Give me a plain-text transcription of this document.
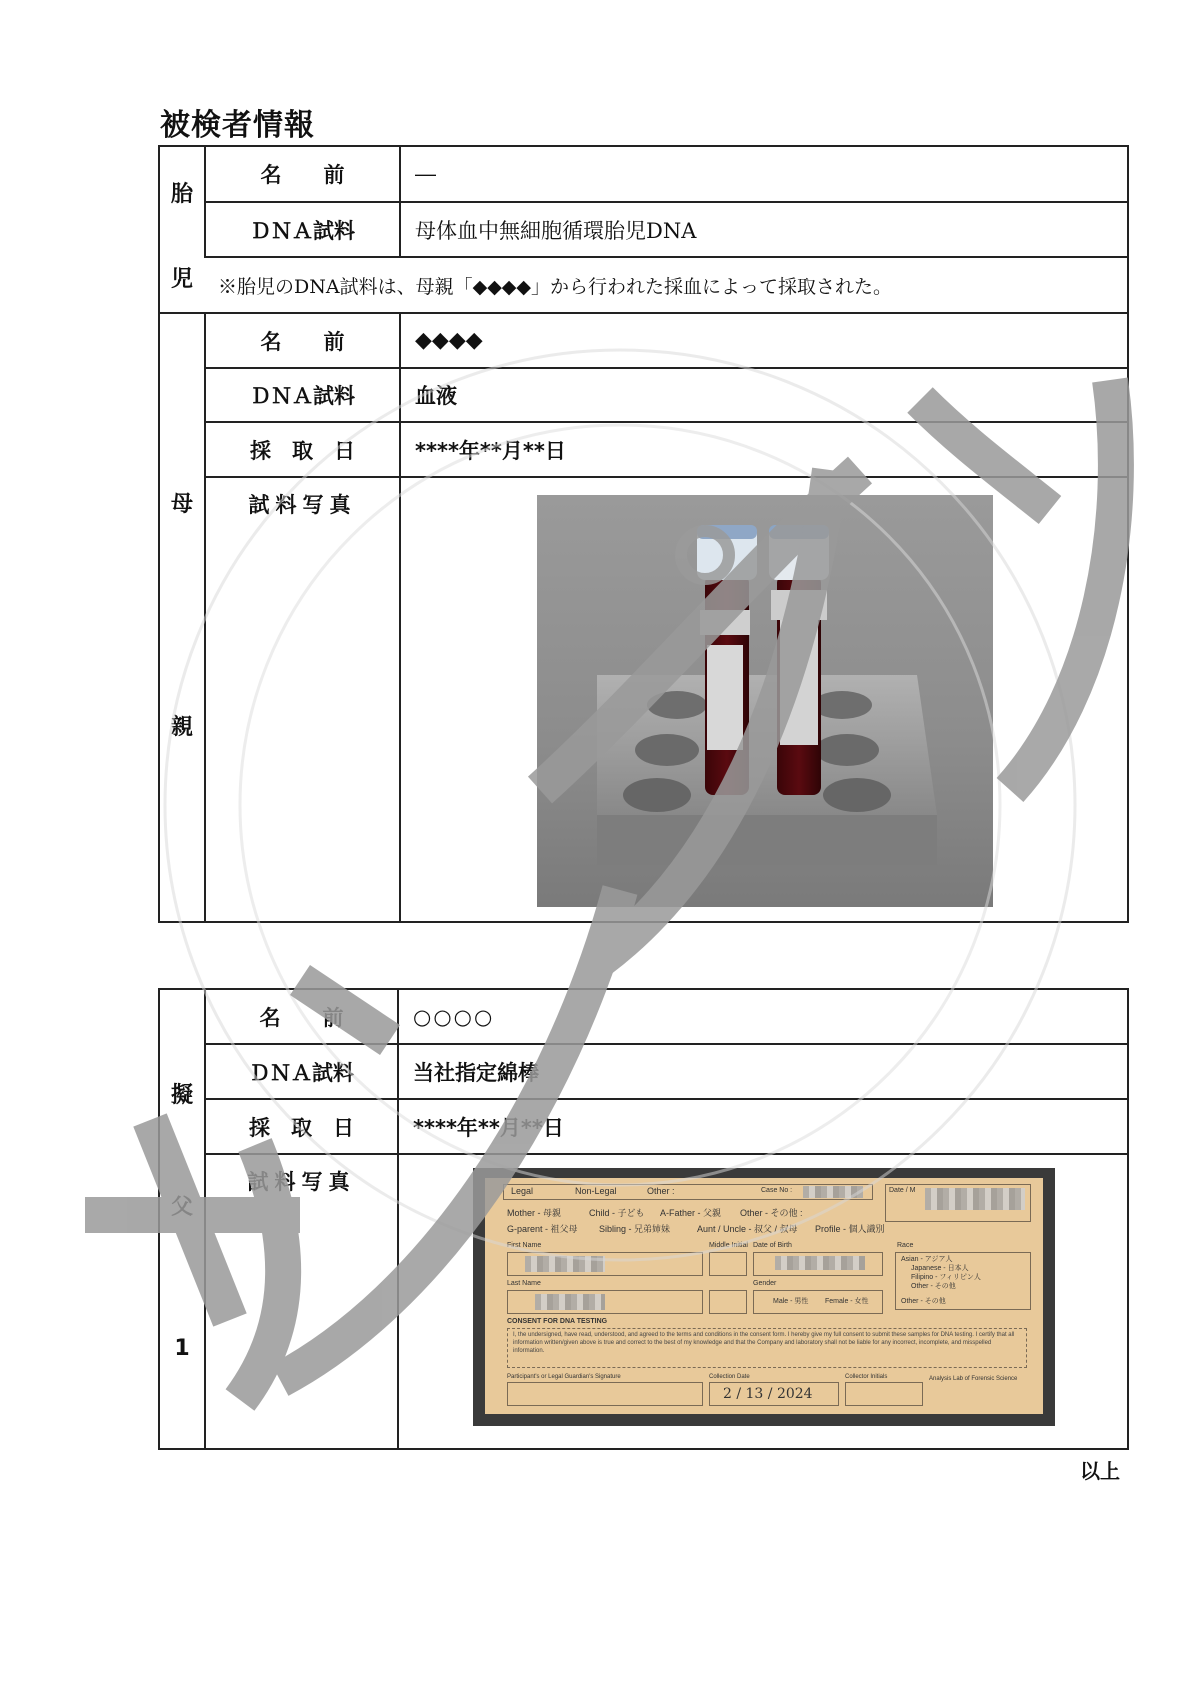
被検者情報
胎
児
名　　前	―
ＤＮＡ試料	母体血中無細胞循環胎児DNA
※胎児のDNA試料は、母親「◆◆◆◆」から行われた採血によって採取された。
母
親
名　　前	◆◆◆◆
ＤＮＡ試料	血液
採　取　日	****年**月**日
試料写真
擬
父
1
名　　前	○○○○
ＤＮＡ試料	当社指定綿棒
採　取　日	****年**月**日
試料写真	Legal	Non-Legal	Other :	Case No :	Date / M
Mother - 母親	Child - 子ども A-Father - 父親 Other - その他 :
G-parent - 祖父母 Sibling - 兄弟姉妹	Aunt / Uncle - 叔父 / 叔母 Profile - 個人識別
First Name	Middle Initial Date of Birth	Race
Asian - アジア人
Japanese - 日本人
Filipino - フィリピン人
Other - その他
Other - その他
Last Name	Gender
Male - 男性 Female - 女性
CONSENT FOR DNA TESTING
I, the undersigned, have read, understood, and agreed to the terms and conditions in the consent form. I hereby give my full consent to submit these samples for DNA testing. I certify that all information written/given above is true and correct to the best of my knowledge and that the Company and laboratory shall not be liable for any incorrect, incomplete, and misspelled information.
Participant's or Legal Guardian's Signature	Collection Date
2 / 13 / 2024
Collector Initials	Analysis Lab of Forensic Science
以上
